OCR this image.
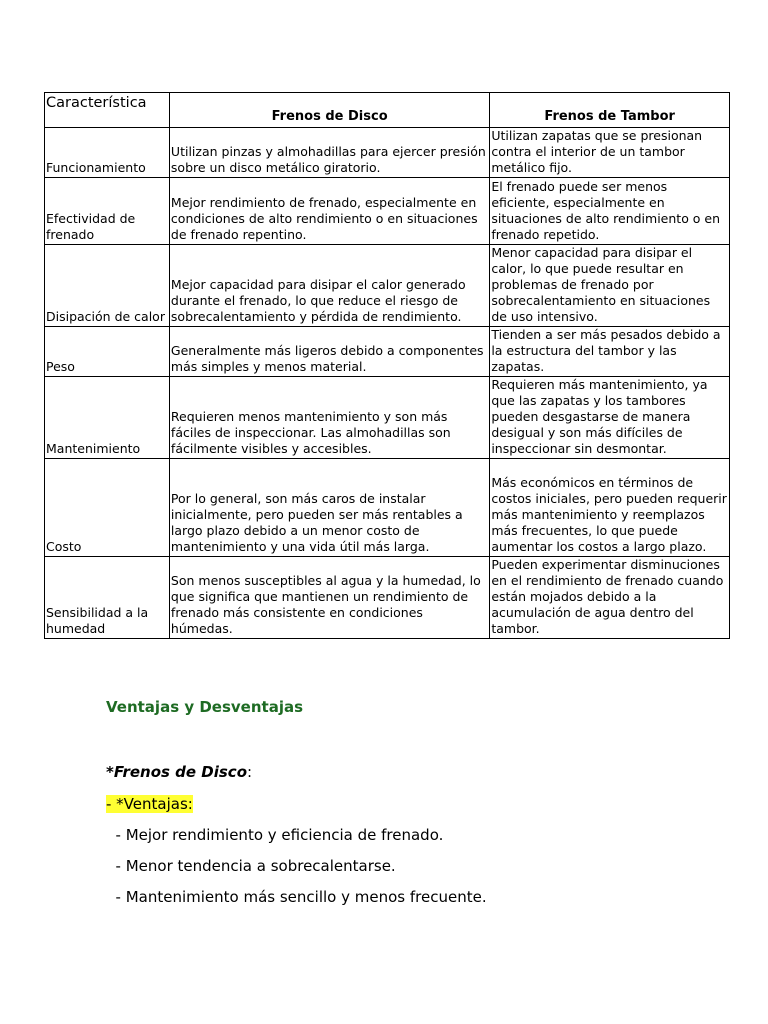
Característica	Frenos de Disco	Frenos de Tambor
Funcionamiento	Utilizan pinzas y almohadillas para ejercer presión sobre un disco metálico giratorio.	Utilizan zapatas que se presionan contra el interior de un tambor metálico fijo.
Efectividad de frenado	Mejor rendimiento de frenado, especialmente en condiciones de alto rendimiento o en situaciones de frenado repentino.	El frenado puede ser menos eficiente, especialmente en situaciones de alto rendimiento o en frenado repetido.
Disipación de calor	Mejor capacidad para disipar el calor generado durante el frenado, lo que reduce el riesgo de sobrecalentamiento y pérdida de rendimiento.	Menor capacidad para disipar el calor, lo que puede resultar en problemas de frenado por sobrecalentamiento en situaciones de uso intensivo.
Peso	Generalmente más ligeros debido a componentes más simples y menos material.	Tienden a ser más pesados debido a la estructura del tambor y las zapatas.
Mantenimiento	Requieren menos mantenimiento y son más fáciles de inspeccionar. Las almohadillas son fácilmente visibles y accesibles.	Requieren más mantenimiento, ya que las zapatas y los tambores pueden desgastarse de manera desigual y son más difíciles de inspeccionar sin desmontar.
Costo	Por lo general, son más caros de instalar inicialmente, pero pueden ser más rentables a largo plazo debido a un menor costo de mantenimiento y una vida útil más larga.	Más económicos en términos de costos iniciales, pero pueden requerir más mantenimiento y reemplazos más frecuentes, lo que puede aumentar los costos a largo plazo.
Sensibilidad a la humedad	Son menos susceptibles al agua y la humedad, lo que significa que mantienen un rendimiento de frenado más consistente en condiciones húmedas.	Pueden experimentar disminuciones en el rendimiento de frenado cuando están mojados debido a la acumulación de agua dentro del tambor.
Ventajas y Desventajas
*Frenos de Disco:
- *Ventajas:
- Mejor rendimiento y eficiencia de frenado.
- Menor tendencia a sobrecalentarse.
- Mantenimiento más sencillo y menos frecuente.
